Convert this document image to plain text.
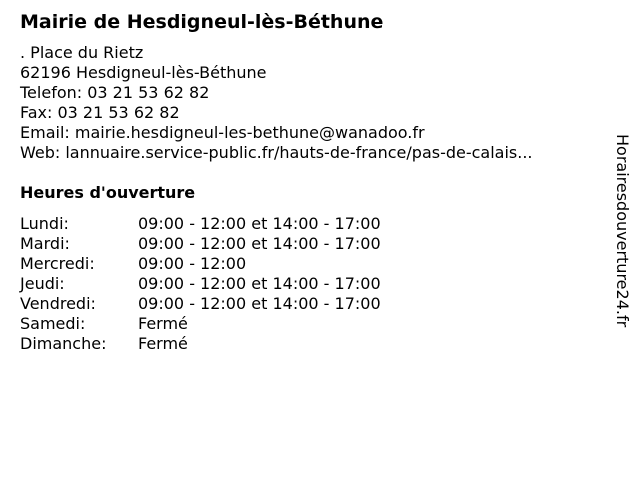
Mairie de Hesdigneul-lès-Béthune
. Place du Rietz
62196 Hesdigneul-lès-Béthune
Telefon: 03 21 53 62 82
Fax: 03 21 53 62 82
Email: mairie.hesdigneul-les-bethune@wanadoo.fr
Web: lannuaire.service-public.fr/hauts-de-france/pas-de-calais...
Heures d'ouverture
Lundi:	09:00 - 12:00 et 14:00 - 17:00
Mardi:	09:00 - 12:00 et 14:00 - 17:00
Mercredi:	09:00 - 12:00
Jeudi:	09:00 - 12:00 et 14:00 - 17:00
Vendredi:	09:00 - 12:00 et 14:00 - 17:00
Samedi:	Fermé
Dimanche: Fermé
Horairesdouverture24.fr
